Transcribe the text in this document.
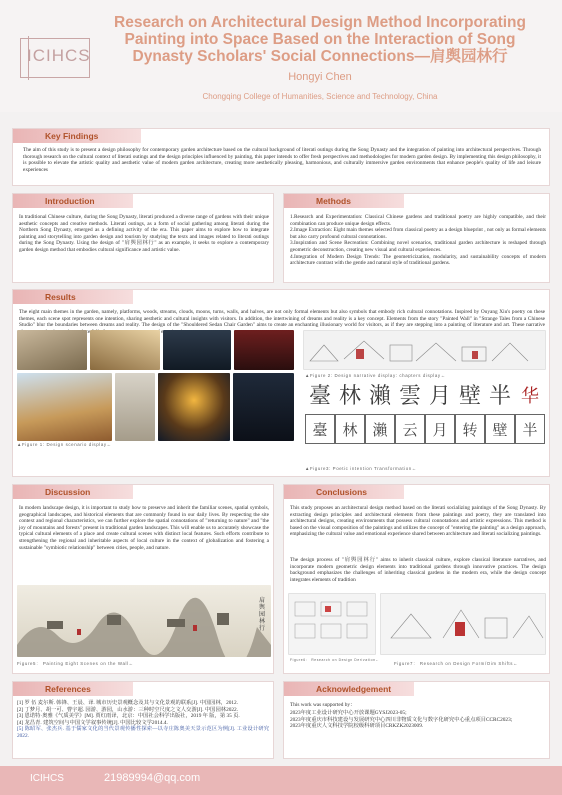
ICIHCS
Research on Architectural Design Method Incorporating
Painting into Space Based on the Interaction of Song
Dynasty Scholars' Social Connections—肩舆园林行
Hongyi Chen
Chongqing College of Humanities, Science and Technology, China
Key Findings
The aim of this study is to present a design philosophy for contemporary garden architecture based on the cultural background of literati outings during the Song Dynasty and the integration of painting into architectural perspectives. Through thorough research on the cultural context of literati outings and the design principles influenced by painting, this paper intends to offer fresh perspectives and methodologies for modern garden design. By implementing this design philosophy, it is possible to elevate the artistic quality and aesthetic value of modern garden architecture, creating more aesthetically pleasing, harmonious, and culturally immersive garden environments that enhance people's quality of life and leisure experiences
Introduction
In traditional Chinese culture, during the Song Dynasty, literati produced a diverse range of gardens with their unique aesthetic concepts and creative methods. Literati outings, as a form of social gathering among literati during the Northern Song Dynasty, emerged as a defining activity of the era. This paper aims to explore how to integrate painting and storytelling into garden design and tourism by studying the texts and images related to literati outings during the Song Dynasty. Using the design of "肩舆园林行" as an example, it seeks to explore a contemporary garden design method that embodies cultural significance and artistic value.
Methods
1.Research and Experimentation: Classical Chinese gardens and traditional poetry are highly compatible, and their combination can produce unique design effects.
2.Image Extraction: Eight main themes selected from classical poetry as a design blueprint , not only as formal elements but also carry profound cultural connotations.
3.Inspiration and Scene Recreation: Combining novel scenarios, traditional garden architecture is reshaped through geometric deconstruction, creating new visual and cultural experiences.
4.Integration of Modern Design Trends: The geometricization, modularity, and sustainability concepts of modern architecture contrast with the gentle and natural style of traditional gardens.
Results
The eight main themes in the garden, namely, platforms, woods, streams, clouds, moons, turns, walls, and halves, are not only formal elements but also symbols that embody rich cultural connotations. Inspired by Ouyang Xiu's poetry on these themes, each scene spot represents one intention, sharing aesthetic and cultural insights with visitors. In addition, the intertwining of dreams and reality is a key concept. Elements from the story "Painted Wall" in "Strange Tales from a Chinese Studio" blur the boundaries between dreams and reality. The design of the "Shouldered Sedan Chair Garden" aims to create an enchanting illusionary world for visitors, as if they are stepping into a painting of literature and art. These narrative
▲Figure 1: Design scenario display←
▲Figure 2: Design narrative display: chapters display←
臺 林 瀨 雲 月 壁 半 华
臺 林 瀨 云 月 转 壁 半
▲Figure3: Poetic intention Transformation←
Discussion
In modern landscape design, it is important to study how to preserve and inherit the familiar scenes, spatial symbols, geographical landscapes, and historical elements that are commonly found in our daily lives. By respecting the site context and regional characteristics, we can further explore the spatial connotations of "returning to nature" and "the joy of mountains and forests" present in traditional garden landscapes. This will enable us to accurately showcase the typical cultural elements of a place and create cultural scenes with distinct local features. Such efforts contribute to strengthening the regional and inheritable aspects of local culture in the context of globalization and fostering a sustainable "symbiotic relationship" between cities, people, and nature.
肩舆园林行
Figure5： Painting Eight Scenes on the Wall←
Conclusions
This study proposes an architectural design method based on the literati socializing paintings of the Song Dynasty. By extracting design principles and architectural elements from these paintings and poetry, they are translated into architectural designs, creating environments that possess cultural connotations and artistic expressions. This method is based on the visual composition of the paintings and utilizes the concept of "entering the painting" as a design approach, emphasizing the cultural value and emotional experience shared between architecture and literati socializing paintings.
The design process of "肩舆园林行" aims to inherit classical culture, explore classical literature narratives, and incorporate modern geometric design elements into traditional gardens through innovative practices. The design background emphasizes the challenges of inheriting classical gardens in the modern era, while the design concept integrates elements of tradition
Figure6： Research on Design Derivation←
Figure7： Research on Design Form/Oim Shifts←
References
[1] 罗 伍 麦尔斯. 韩锋、王晨、译. 城市历史景观概念及其与文化景观的联系[J]. 中国园林，2012.
[2] 丁梦月、胡一可、曹宇超. 园游、游园，山水游：三种时空尺度之文人交游[J]. 中国园林2022.
[3] 恩诺特·奥雅《气质美学》[M]. 贾红雨译，北京：中国社会科学出版社，2019 年 版，第 35 页.
[4] 龙昌青. 建筑空间与中国文学叙事传统[J]. 中国比较文学2014.4.
[5] 陈昭军、张杰兵. 基于儒家文化的当代景观传播性探索—以寺庄陈奥美天景示范区为例[J]. 工业设计研究2022.
Acknowledgement
This work was supported by：
2023年度工业设计研究中心开放课题GYSJ2023-05;
2023年度重庆市科技建设与发展研究中心四川非物质文化与数字化研究中心重点项目CCRC2023;
2023年度重庆人文科技学院校级科研项目CRKZK2023009.
ICIHCS	21989994@qq.com
